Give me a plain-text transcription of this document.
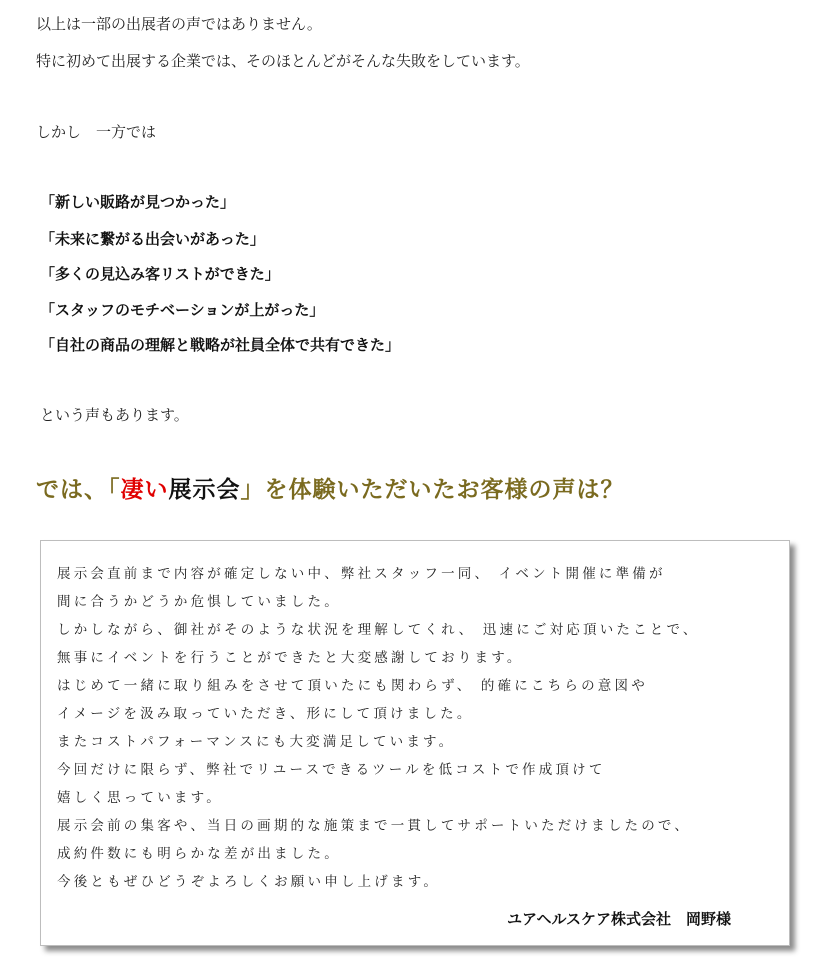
以上は一部の出展者の声ではありません。
特に初めて出展する企業では、そのほとんどがそんな失敗をしています。
しかし　一方では
「新しい販路が見つかった」
「未来に繋がる出会いがあった」
「多くの見込み客リストができた」
「スタッフのモチベーションが上がった」
「自社の商品の理解と戦略が社員全体で共有できた」
という声もあります。
では、「凄い展示会」を体験いただいたお客様の声は？
展示会直前まで内容が確定しない中、弊社スタッフ一同、 イベント開催に準備が
間に合うかどうか危惧していました。
しかしながら、御社がそのような状況を理解してくれ、 迅速にご対応頂いたことで、
無事にイベントを行うことができたと大変感謝しております。
はじめて一緒に取り組みをさせて頂いたにも関わらず、 的確にこちらの意図や
イメージを汲み取っていただき、形にして頂けました。
またコストパフォーマンスにも大変満足しています。
今回だけに限らず、弊社でリユースできるツールを低コストで作成頂けて
嬉しく思っています。
展示会前の集客や、当日の画期的な施策まで一貫してサポートいただけましたので、
成約件数にも明らかな差が出ました。
今後ともぜひどうぞよろしくお願い申し上げます。
ユアヘルスケア株式会社　岡野様
